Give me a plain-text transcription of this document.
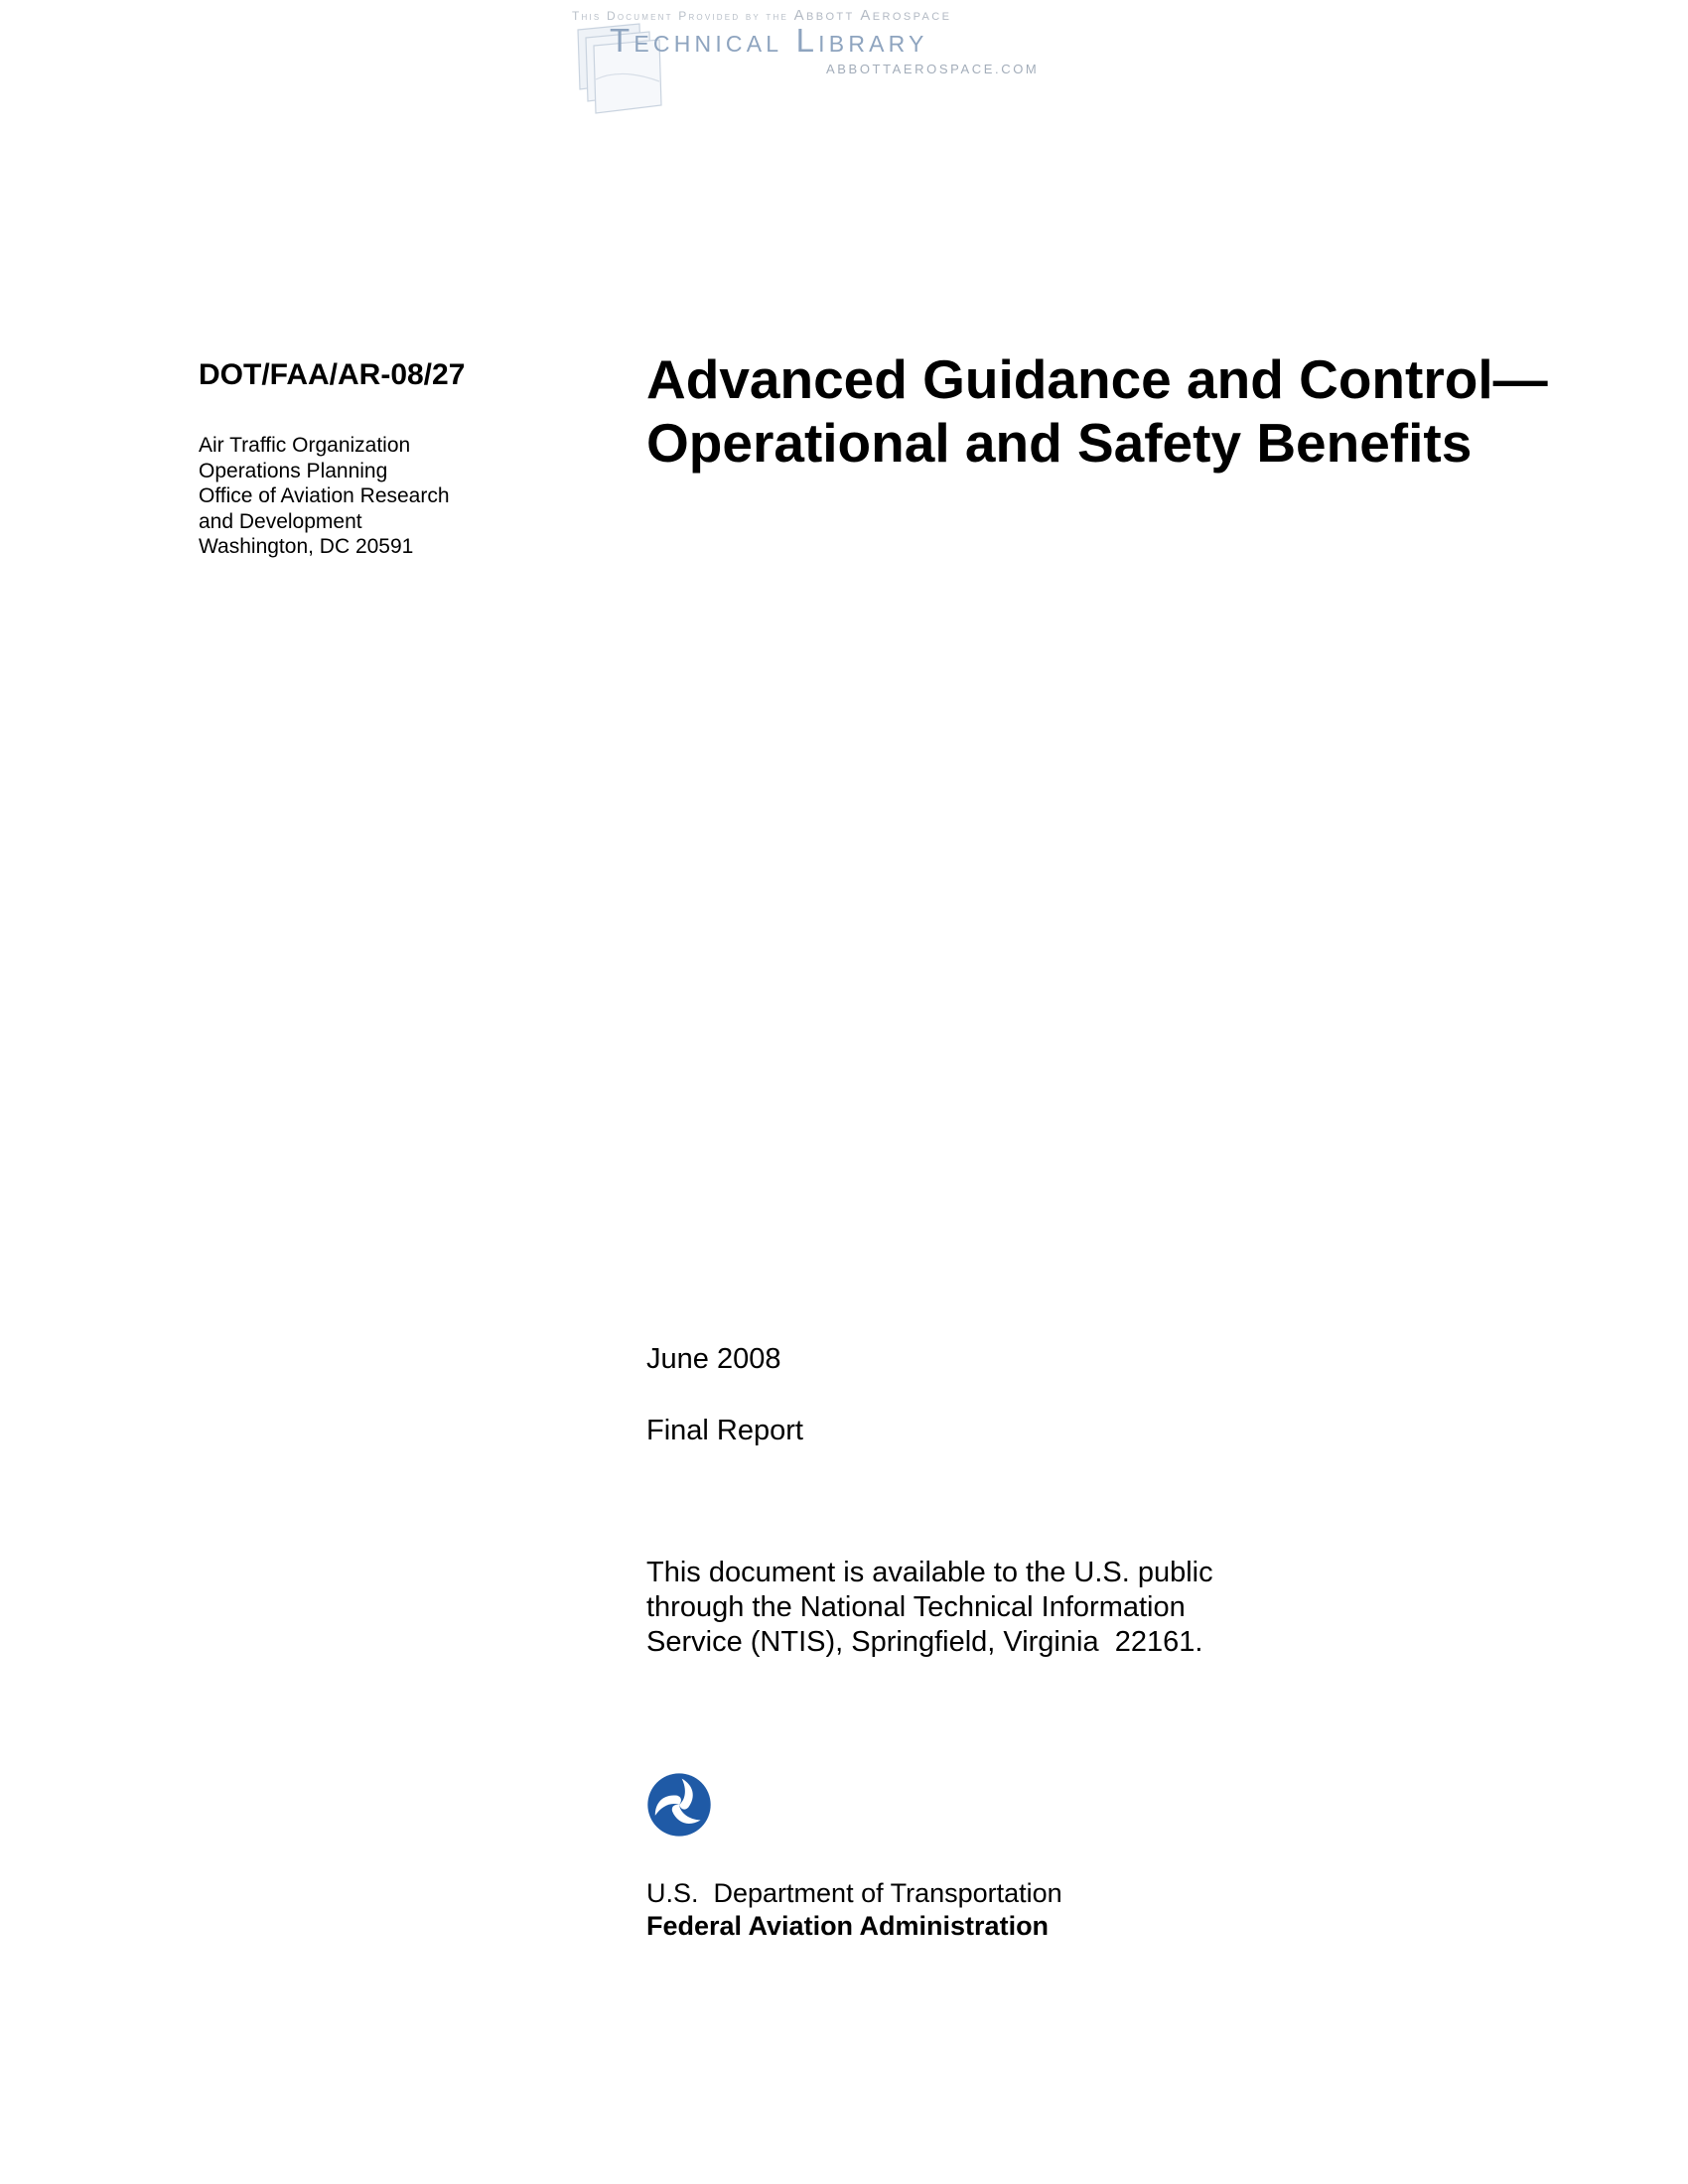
This Document Provided by the Abbott Aerospace
Technical Library
ABBOTTAEROSPACE.COM
DOT/FAA/AR-08/27
Air Traffic Organization
Operations Planning
Office of Aviation Research
and Development
Washington, DC 20591
Advanced Guidance and Control—
Operational and Safety Benefits
June 2008
Final Report
This document is available to the U.S. public
through the National Technical Information
Service (NTIS), Springfield, Virginia  22161.
U.S.  Department of Transportation
Federal Aviation Administration
